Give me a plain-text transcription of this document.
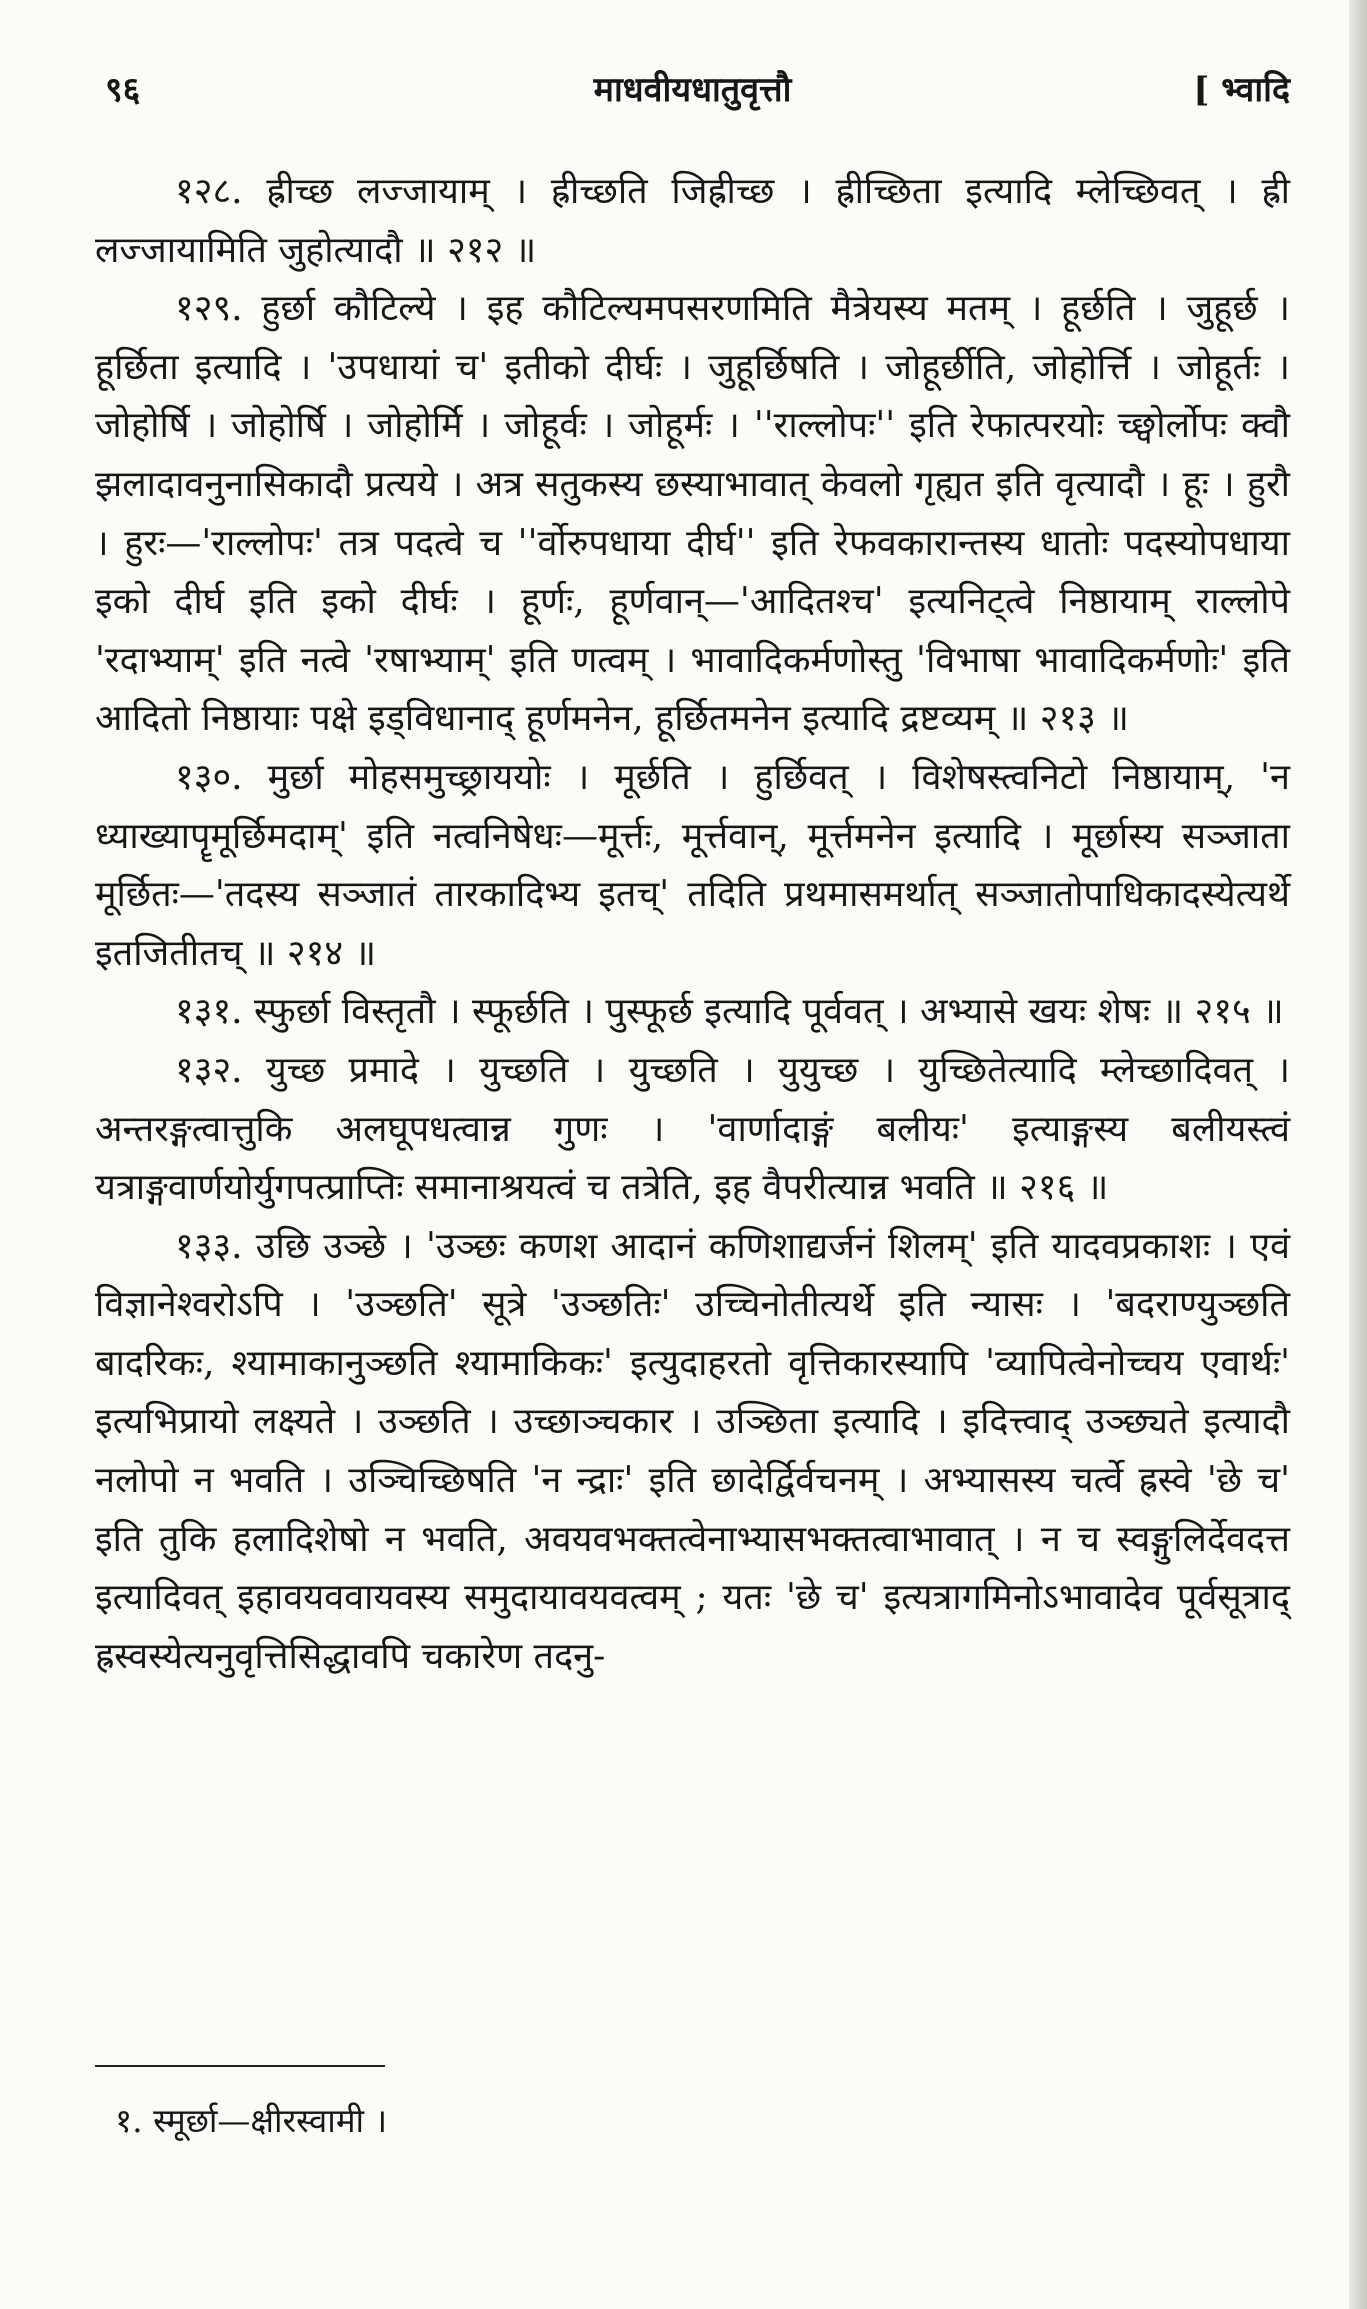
९६	माधवीयधातुवृत्तौ	[ भ्वादि

१२८. ह्रीच्छ लज्जायाम् । ह्रीच्छति जिह्रीच्छ । ह्रीच्छिता इत्यादि म्लेच्छिवत् । ह्री लज्जायामिति जुहोत्यादौ ॥ २१२ ॥

१२९. हुर्छा कौटिल्ये । इह कौटिल्यमपसरणमिति मैत्रेयस्य मतम् । हूर्छति । जुहूर्छ । हूर्छिता इत्यादि । 'उपधायां च' इतीको दीर्घः । जुहूर्छिषति । जोहूर्छीति, जोहोर्त्ति । जोहूर्तः । जोहोर्षि । जोहोर्षि । जोहोर्मि । जोहूर्वः । जोहूर्मः । ''राल्लोपः'' इति रेफात्परयोः च्छ्वोर्लोपः क्वौ झलादावनुनासिकादौ प्रत्यये । अत्र सतुकस्य छस्याभावात् केवलो गृह्यत इति वृत्यादौ । हूः । हुरौ । हुरः—'राल्लोपः' तत्र पदत्वे च ''र्वोरुपधाया दीर्घ'' इति रेफवकारान्तस्य धातोः पदस्योपधाया इको दीर्घ इति इको दीर्घः । हूर्णः, हूर्णवान्—'आदितश्च' इत्यनिट्त्वे निष्ठायाम् राल्लोपे 'रदाभ्याम्' इति नत्वे 'रषाभ्याम्' इति णत्वम् । भावादिकर्मणोस्तु 'विभाषा भावादिकर्मणोः' इति आदितो निष्ठायाः पक्षे इड्विधानाद् हूर्णमनेन, हूर्छितमनेन इत्यादि द्रष्टव्यम् ॥ २१३ ॥

१३०. मुर्छा मोहसमुच्छ्राययोः । मूर्छति । हुर्छिवत् । विशेषस्त्वनिटो निष्ठायाम्, 'न ध्याख्यापॄमूर्छिमदाम्' इति नत्वनिषेधः—मूर्त्तः, मूर्त्तवान्, मूर्त्तमनेन इत्यादि । मूर्छास्य सञ्जाता मूर्छितः—'तदस्य सञ्जातं तारकादिभ्य इतच्' तदिति प्रथमासमर्थात् सञ्जातोपाधिकादस्येत्यर्थे इतजितीतच् ॥ २१४ ॥

१३१. स्फुर्छा विस्तृतौ । स्फूर्छति । पुस्फूर्छ इत्यादि पूर्ववत् । अभ्यासे खयः शेषः ॥ २१५ ॥

१३२. युच्छ प्रमादे । युच्छति । युच्छति । युयुच्छ । युच्छितेत्यादि म्लेच्छादिवत् । अन्तरङ्गत्वात्तुकि अलघूपधत्वान्न गुणः । 'वार्णादाङ्गं बलीयः' इत्याङ्गस्य बलीयस्त्वं यत्राङ्गवार्णयोर्युगपत्प्राप्तिः समानाश्रयत्वं च तत्रेति, इह वैपरीत्यान्न भवति ॥ २१६ ॥

१३३. उछि उञ्छे । 'उञ्छः कणश आदानं कणिशाद्यर्जनं शिलम्' इति यादवप्रकाशः । एवं विज्ञानेश्वरोऽपि । 'उञ्छति' सूत्रे 'उञ्छतिः' उच्चिनोतीत्यर्थे इति न्यासः । 'बदराण्युञ्छति बादरिकः, श्यामाकानुञ्छति श्यामाकिकः' इत्युदाहरतो वृत्तिकारस्यापि 'व्यापित्वेनोच्चय एवार्थः' इत्यभिप्रायो लक्ष्यते । उञ्छति । उच्छाञ्चकार । उञ्छिता इत्यादि । इदित्त्वाद् उञ्छ्यते इत्यादौ नलोपो न भवति । उञ्चिच्छिषति 'न न्द्राः' इति छादेर्द्विर्वचनम् । अभ्यासस्य चर्त्वे ह्रस्वे 'छे च' इति तुकि हलादिशेषो न भवति, अवयवभक्तत्वेनाभ्यासभक्तत्वाभावात् । न च स्वङ्गुलिर्देवदत्त इत्यादिवत् इहावयववायवस्य समुदायावयवत्वम् ; यतः 'छे च' इत्यत्रागमिनोऽभावादेव पूर्वसूत्राद् ह्रस्वस्येत्यनुवृत्तिसिद्धावपि चकारेण तदनु-

१. स्मूर्छा—क्षीरस्वामी ।
